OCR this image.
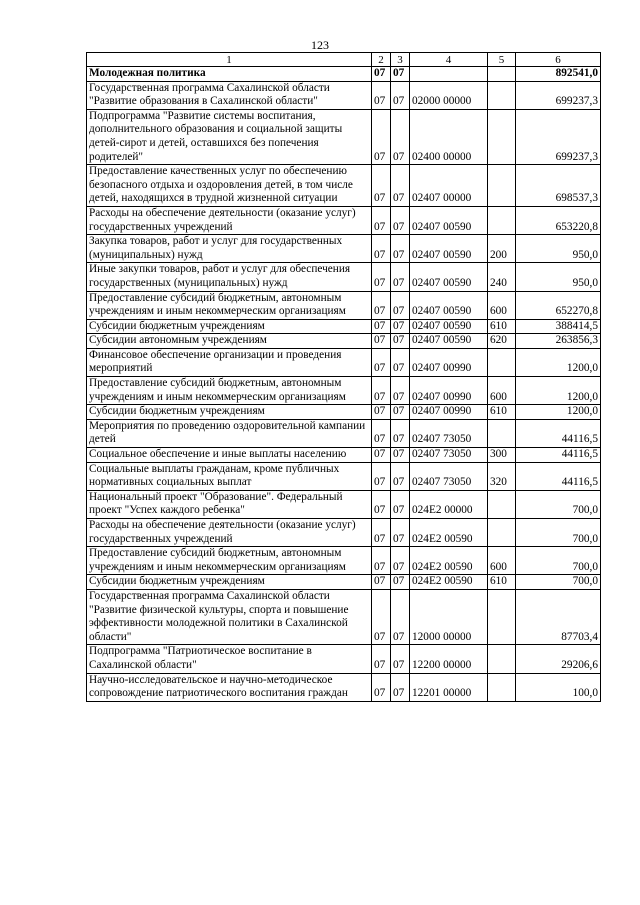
123
1	2	3	4	5	6
Молодежная политика	07	07			892541,0
Государственная программа Сахалинской области "Развитие образования в Сахалинской области"	07	07	02000 00000		699237,3
Подпрограмма "Развитие системы воспитания, дополнительного образования и социальной защиты детей-сирот и детей, оставшихся без попечения родителей"	07	07	02400 00000		699237,3
Предоставление качественных услуг по обеспечению безопасного отдыха и оздоровления детей, в том числе детей, находящихся в трудной жизненной ситуации	07	07	02407 00000		698537,3
Расходы на обеспечение деятельности (оказание услуг) государственных учреждений	07	07	02407 00590		653220,8
Закупка товаров, работ и услуг для государственных (муниципальных) нужд	07	07	02407 00590	200	950,0
Иные закупки товаров, работ и услуг для обеспечения государственных (муниципальных) нужд	07	07	02407 00590	240	950,0
Предоставление субсидий бюджетным, автономным учреждениям и иным некоммерческим организациям	07	07	02407 00590	600	652270,8
Субсидии бюджетным учреждениям	07	07	02407 00590	610	388414,5
Субсидии автономным учреждениям	07	07	02407 00590	620	263856,3
Финансовое обеспечение организации и проведения мероприятий	07	07	02407 00990		1200,0
Предоставление субсидий бюджетным, автономным учреждениям и иным некоммерческим организациям	07	07	02407 00990	600	1200,0
Субсидии бюджетным учреждениям	07	07	02407 00990	610	1200,0
Мероприятия по проведению оздоровительной кампании детей	07	07	02407 73050		44116,5
Социальное обеспечение и иные выплаты населению	07	07	02407 73050	300	44116,5
Социальные выплаты гражданам, кроме публичных нормативных социальных выплат	07	07	02407 73050	320	44116,5
Национальный проект "Образование". Федеральный проект "Успех каждого ребенка"	07	07	024E2 00000		700,0
Расходы на обеспечение деятельности (оказание услуг) государственных учреждений	07	07	024E2 00590		700,0
Предоставление субсидий бюджетным, автономным учреждениям и иным некоммерческим организациям	07	07	024E2 00590	600	700,0
Субсидии бюджетным учреждениям	07	07	024E2 00590	610	700,0
Государственная программа Сахалинской области "Развитие физической культуры, спорта и повышение эффективности молодежной политики в Сахалинской области"	07	07	12000 00000		87703,4
Подпрограмма "Патриотическое воспитание в Сахалинской области"	07	07	12200 00000		29206,6
Научно-исследовательское и научно-методическое сопровождение патриотического воспитания граждан	07	07	12201 00000		100,0
